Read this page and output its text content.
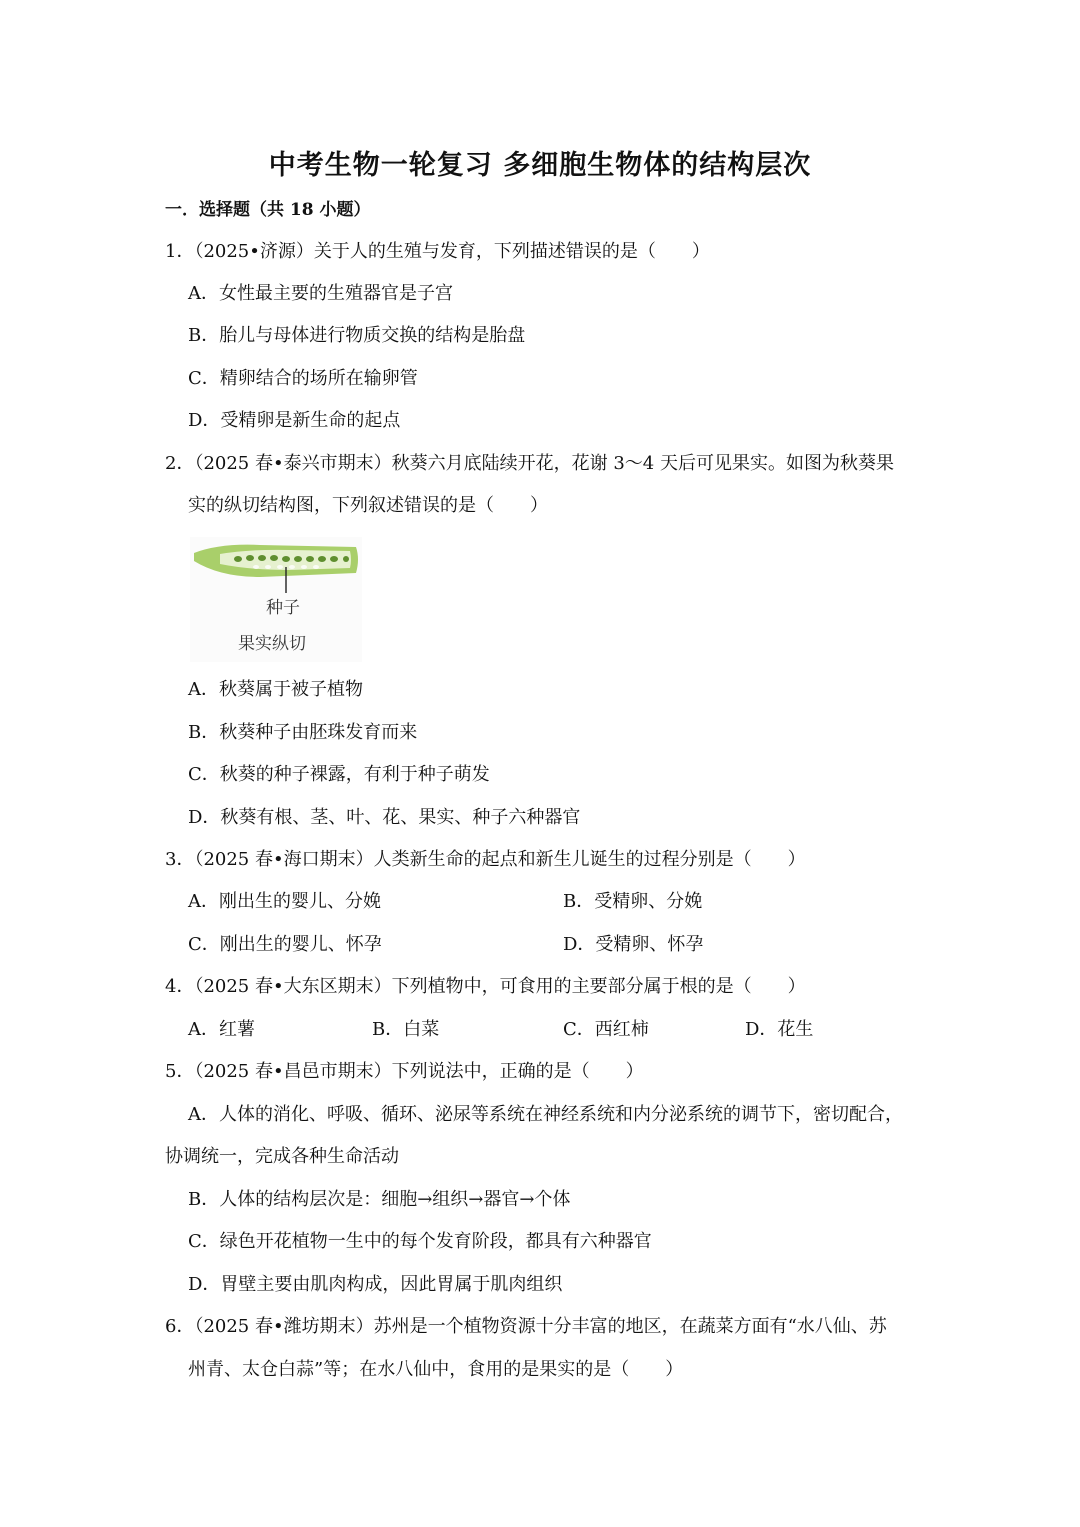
中考生物一轮复习 多细胞生物体的结构层次
一．选择题（共 18 小题）
1．（2025•济源）关于人的生殖与发育，下列描述错误的是（　　）
A．女性最主要的生殖器官是子宫
B．胎儿与母体进行物质交换的结构是胎盘
C．精卵结合的场所在输卵管
D．受精卵是新生命的起点
2．（2025 春•泰兴市期末）秋葵六月底陆续开花，花谢 3～4 天后可见果实。如图为秋葵果
实的纵切结构图，下列叙述错误的是（　　）
种子
果实纵切
A．秋葵属于被子植物
B．秋葵种子由胚珠发育而来
C．秋葵的种子裸露，有利于种子萌发
D．秋葵有根、茎、叶、花、果实、种子六种器官
3．（2025 春•海口期末）人类新生命的起点和新生儿诞生的过程分别是（　　）
A．刚出生的婴儿、分娩	B．受精卵、分娩
C．刚出生的婴儿、怀孕	D．受精卵、怀孕
4．（2025 春•大东区期末）下列植物中，可食用的主要部分属于根的是（　　）
A．红薯	B．白菜	C．西红柿	D．花生
5．（2025 春•昌邑市期末）下列说法中，正确的是（　　）
A．人体的消化、呼吸、循环、泌尿等系统在神经系统和内分泌系统的调节下，密切配合，
协调统一，完成各种生命活动
B．人体的结构层次是：细胞→组织→器官→个体
C．绿色开花植物一生中的每个发育阶段，都具有六种器官
D．胃壁主要由肌肉构成，因此胃属于肌肉组织
6．（2025 春•潍坊期末）苏州是一个植物资源十分丰富的地区，在蔬菜方面有“水八仙、苏
州青、太仓白蒜”等；在水八仙中，食用的是果实的是（　　）
